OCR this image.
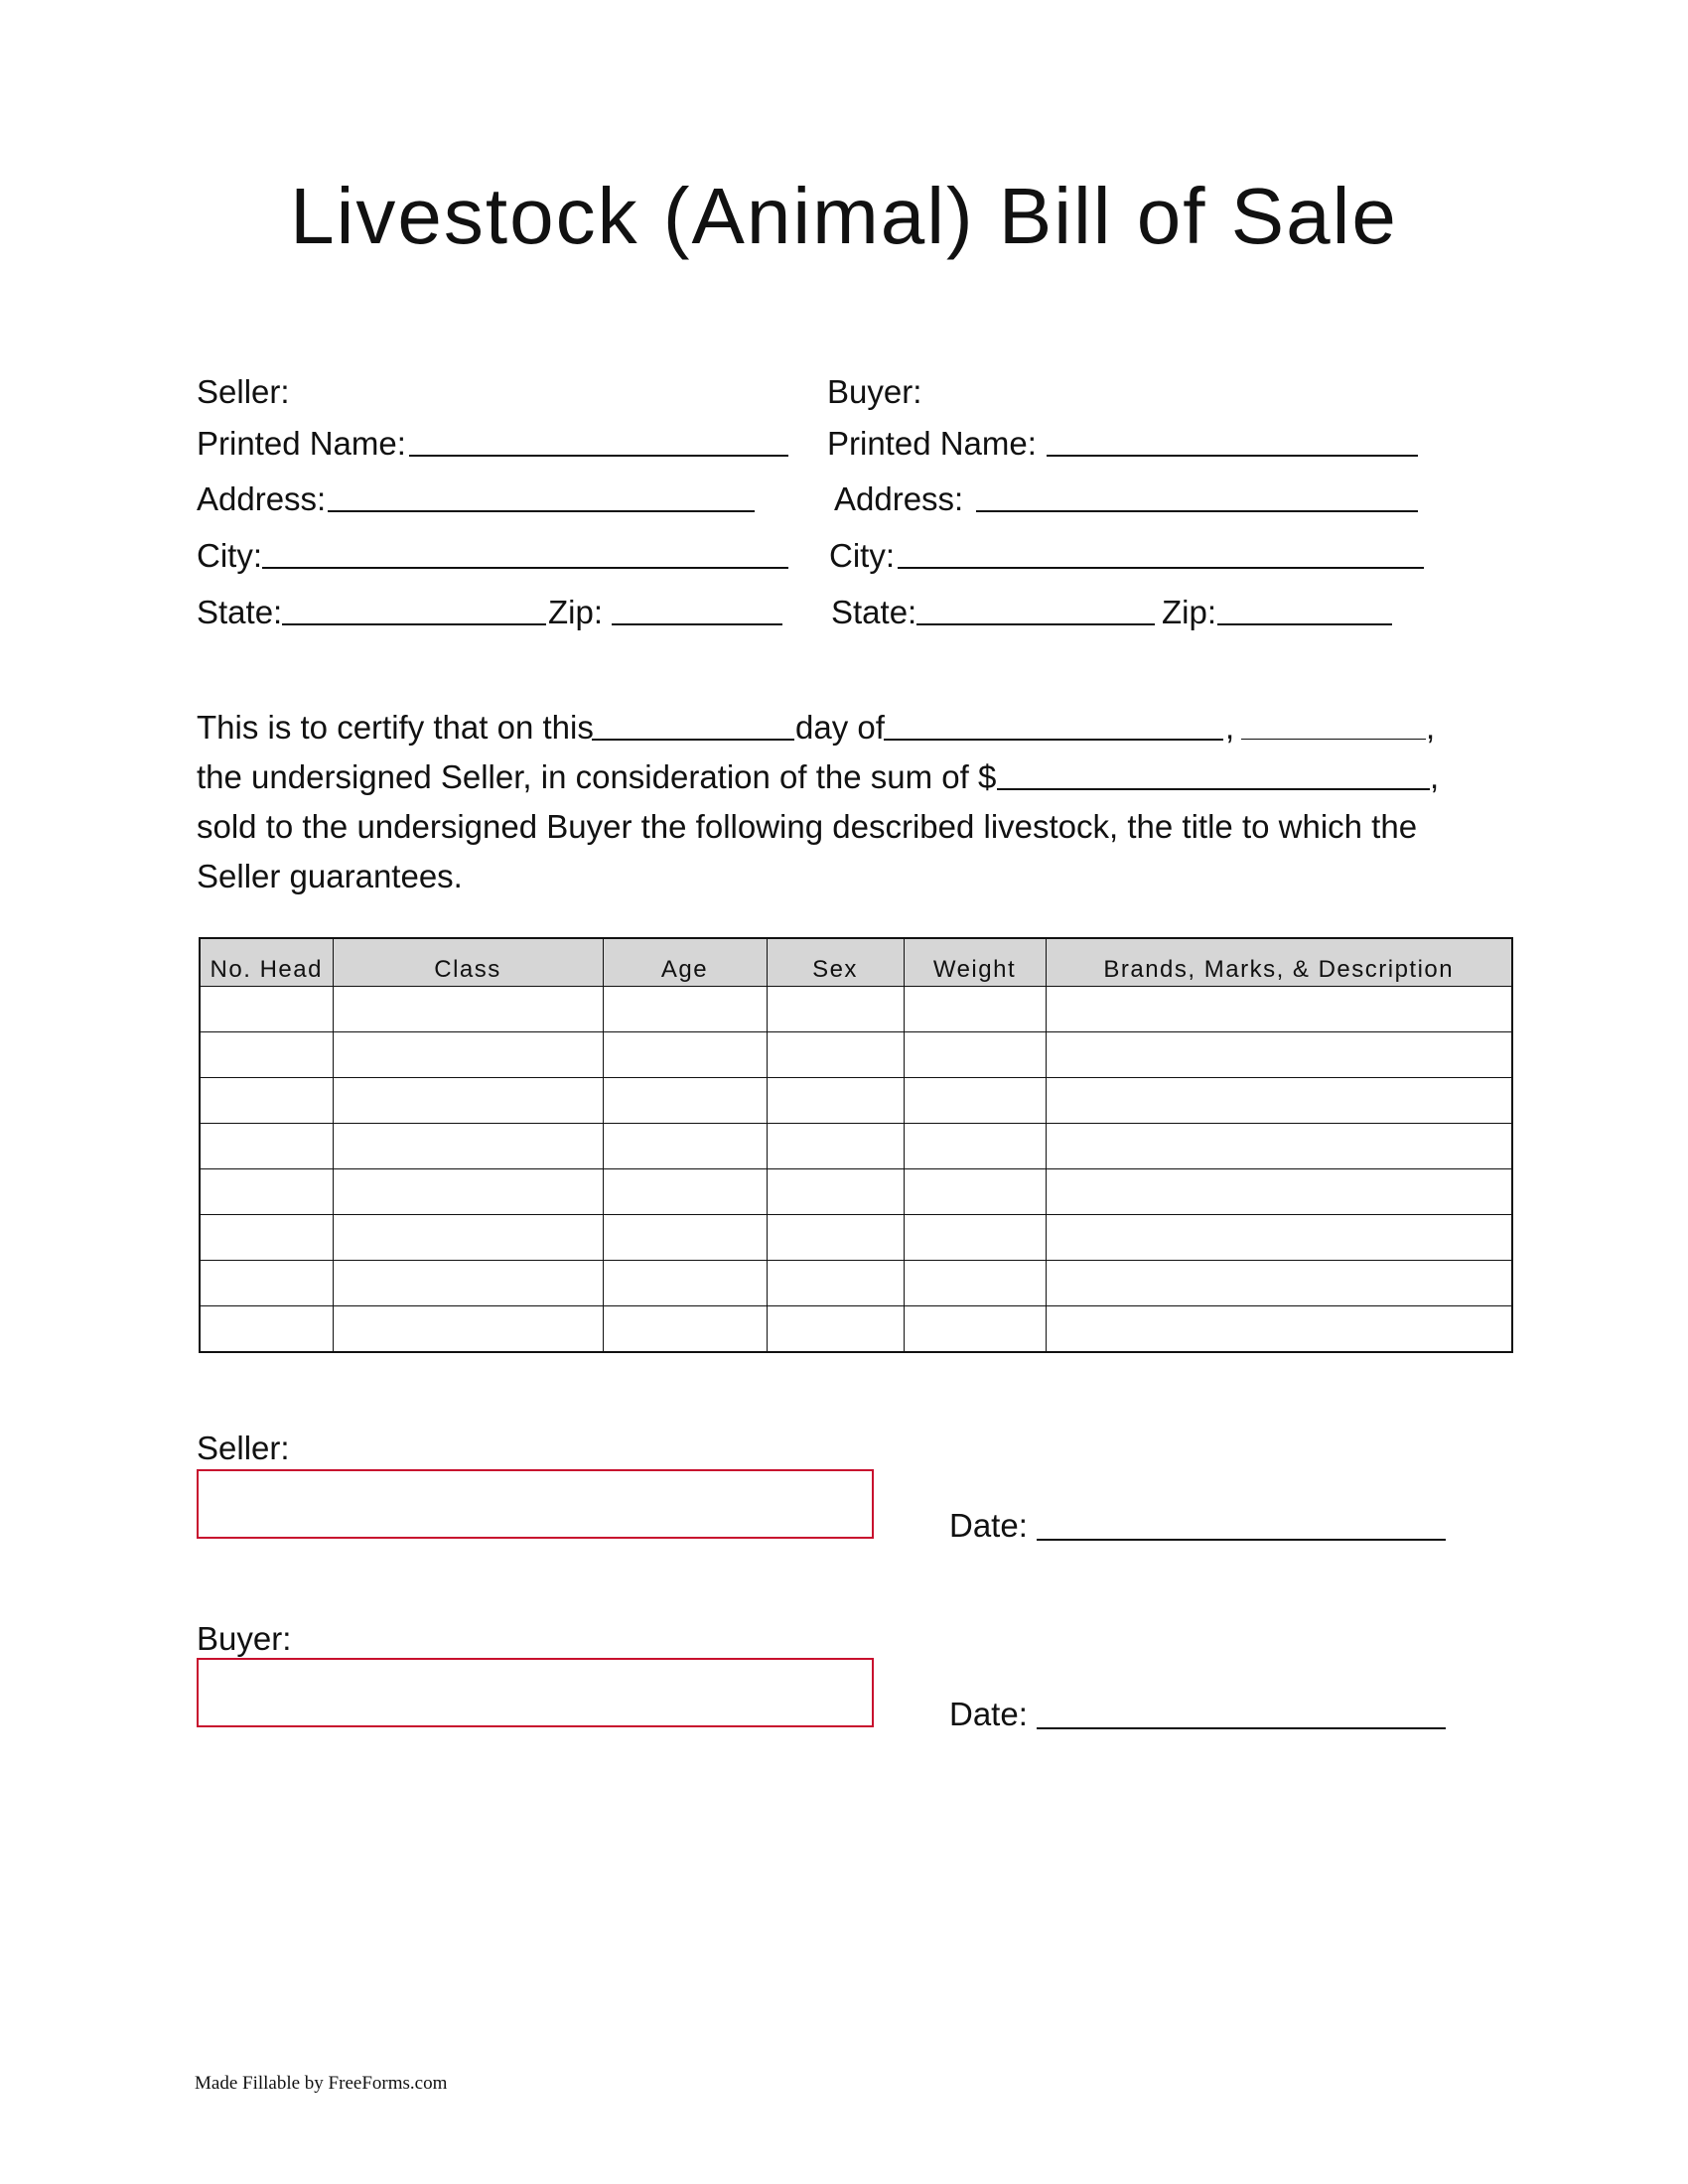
Livestock (Animal) Bill of Sale
Seller:
Printed Name:
Address:
City:
State:	Zip:
Buyer:
Printed Name:
Address:
City:
State:	Zip:
This is to certify that on this	day of	,	,
the undersigned Seller, in consideration of the sum of $	,
sold to the undersigned Buyer the following described livestock, the title to which the
Seller guarantees.
No. Head	Class	Age	Sex	Weight	Brands, Marks, & Description

Seller:
Date:
Buyer:
Date:
Made Fillable by FreeForms.com
